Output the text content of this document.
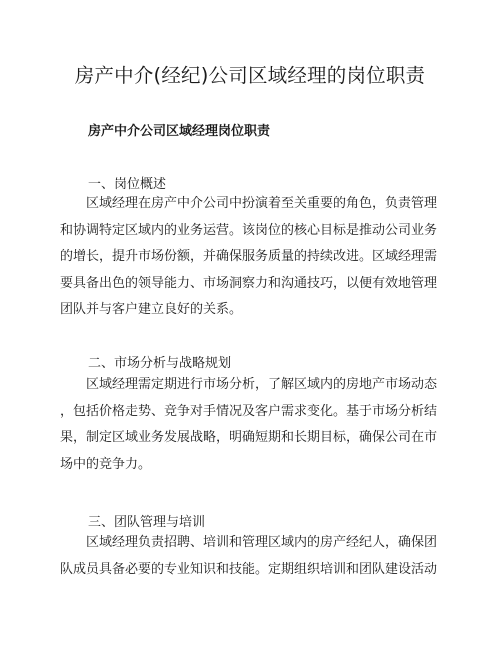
房产中介(经纪)公司区域经理的岗位职责
房产中介公司区域经理岗位职责

一、岗位概述

区域经理在房产中介公司中扮演着至关重要的角色，负责管理
和协调特定区域内的业务运营。该岗位的核心目标是推动公司业务
的增长，提升市场份额，并确保服务质量的持续改进。区域经理需
要具备出色的领导能力、市场洞察力和沟通技巧，以便有效地管理
团队并与客户建立良好的关系。

二、市场分析与战略规划

区域经理需定期进行市场分析，了解区域内的房地产市场动态
，包括价格走势、竞争对手情况及客户需求变化。基于市场分析结
果，制定区域业务发展战略，明确短期和长期目标，确保公司在市
场中的竞争力。

三、团队管理与培训

区域经理负责招聘、培训和管理区域内的房产经纪人，确保团
队成员具备必要的专业知识和技能。定期组织培训和团队建设活动
